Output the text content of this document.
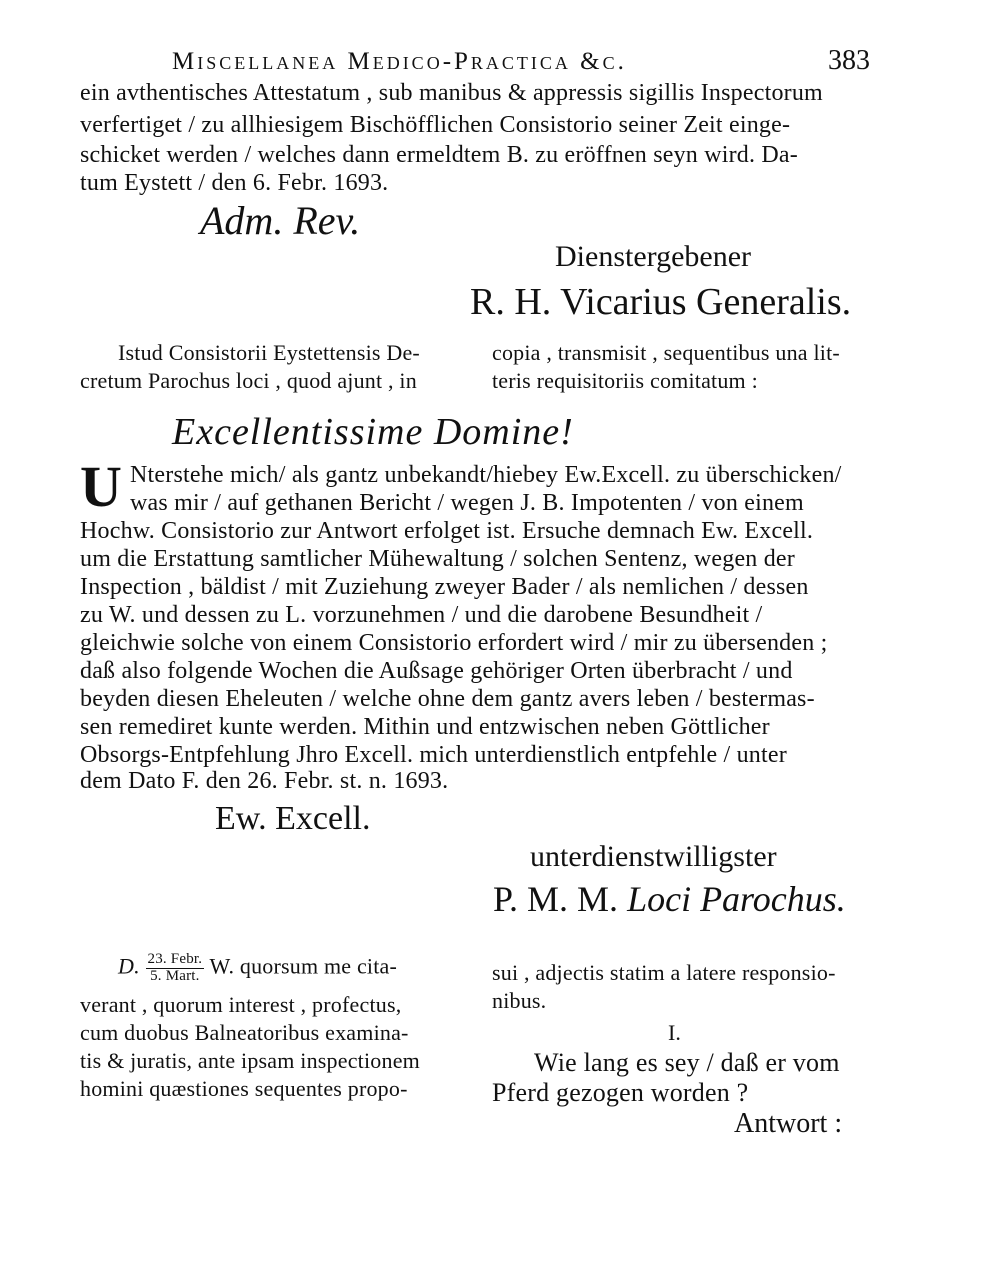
Miscellanea Medico-Practica &c.	383
ein avthentisches Attestatum , sub manibus & appressis sigillis Inspectorum
verfertiget / zu allhiesigem Bischöfflichen Consistorio seiner Zeit einge-
schicket werden / welches dann ermeldtem B. zu eröffnen seyn wird. Da-
tum Eystett / den 6. Febr. 1693.
Adm. Rev.
Dienstergebener
R. H. Vicarius Generalis.
Istud Consistorii Eystettensis De-
cretum Parochus loci , quod ajunt , in
copia , transmisit , sequentibus una lit-
teris requisitoriis comitatum :
Excellentissime Domine!
U Nterstehe mich/ als gantz unbekandt/hiebey Ew.Excell. zu überschicken/
was mir / auf gethanen Bericht / wegen J. B. Impotenten / von einem
Hochw. Consistorio zur Antwort erfolget ist. Ersuche demnach Ew. Excell.
um die Erstattung samtlicher Mühewaltung / solchen Sentenz, wegen der
Inspection , bäldist / mit Zuziehung zweyer Bader / als nemlichen / dessen
zu W. und dessen zu L. vorzunehmen / und die darobene Besundheit /
gleichwie solche von einem Consistorio erfordert wird / mir zu übersenden ;
daß also folgende Wochen die Außsage gehöriger Orten überbracht / und
beyden diesen Eheleuten / welche ohne dem gantz avers leben / bestermas-
sen remediret kunte werden. Mithin und entzwischen neben Göttlicher
Obsorgs-Entpfehlung Jhro Excell. mich unterdienstlich entpfehle / unter
dem Dato F. den 26. Febr. st. n. 1693.
Ew. Excell.
unterdienstwilligster
P. M. M. Loci Parochus.
D. $\frac{\text{23. Febr.}}{\text{5. Mart.}} W$. quorsum me cita-
verant , quorum interest , profectus,
cum duobus Balneatoribus examina-
tis & juratis, ante ipsam inspectionem
homini quæstiones sequentes propo-
sui , adjectis statim a latere responsio-
nibus.
I.
Wie lang es sey / daß er vom
Pferd gezogen worden ?
Antwort :
